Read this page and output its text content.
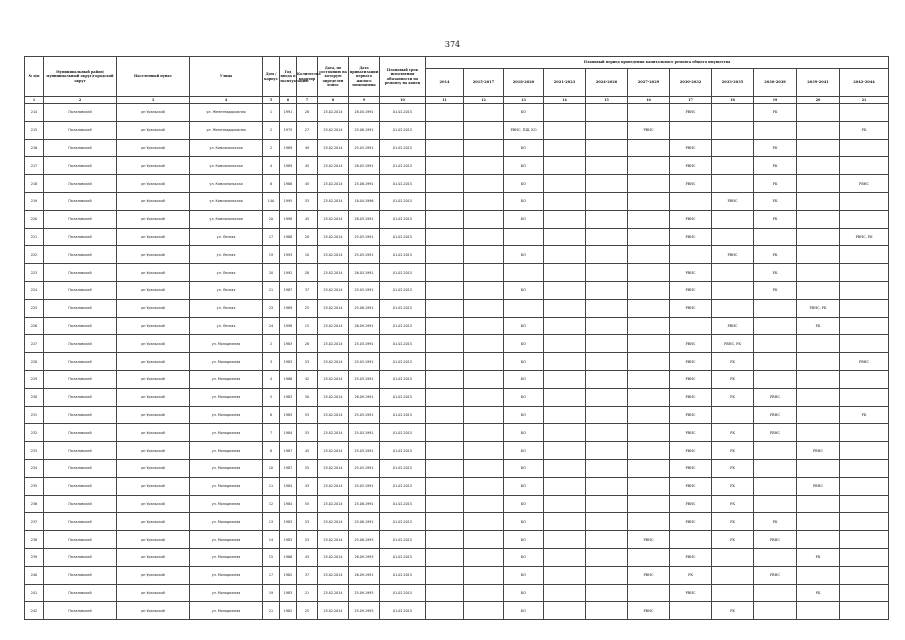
374
№ п/п	Муниципальный район/ муниципальный округ/городской округ	Населенный пункт	Улица	Дом / корпус	Год ввода в эксплуатацию	Количество квартир	Дата, по состоянию на которую определен износ	Дата приватизации первого жилого помещения	Плановый срок исполнения обязанности по ремонту на конец	Плановый период проведения капитального ремонта общего имущества										
										2014	2015-2017	2018-2020	2021-2023	2024-2026	2027-2029	2030-2032	2033-2035	2036-2038	2039-2041	2042-2044
1	2	3	4	5	6	7	8	9	10	11	12	13	14	15	16	17	18	19	20	21
214	Пыталовский	рп Уральский	ул. Железнодорожная	1	1991	28	25.02.2014	28.05.1991	01.02.2015			КО				РВНС		РК		
215	Пыталовский	рп Уральский	ул. Железнодорожная	2	1975	27	25.02.2014	25.08.1991	01.02.2015			РВНС, ПШ, КО			РВНС					РК
216	Пыталовский	рп Уральский	ул. Комсомольская	2	1989	49	25.02.2014	25.03.1991	01.02.2015			КО				РВНС		РК		
217	Пыталовский	рп Уральский	ул. Комсомольская	4	1989	45	25.02.2014	28.03.1991	01.02.2015			КО				РВНС		РК		
218	Пыталовский	рп Уральский	ул. Комсомольская	6	1988	45	25.02.2014	25.08.1991	01.02.2015			КО				РВНС		РК		РВНС
219	Пыталовский	рп Уральский	ул. Комсомольская	14А	1995	53	25.02.2014	18.04.1996	01.02.2015			КО					РВНС	РК		
220	Пыталовский	рп Уральский	ул. Комсомольская	2А	1990	45	25.02.2014	28.03.1991	01.02.2015			КО				РВНС		РК		
221	Пыталовский	рп Уральский	ул. Лесная	17	1988	20	25.02.2014	25.03.1991	01.02.2015							РВНС				РВНС, РК
222	Пыталовский	рп Уральский	ул. Лесная	19	1993	10	25.02.2014	25.03.1991	01.02.2015			КО					РВНС	РК		
223	Пыталовский	рп Уральский	ул. Лесная	20	1992	28	25.02.2014	26.03.1991	01.02.2015							РВНС		РК		
224	Пыталовский	рп Уральский	ул. Лесная	21	1987	37	25.02.2014	25.03.1991	01.02.2015			КО				РВНС		РК		
225	Пыталовский	рп Уральский	ул. Лесная	23	1989	25	25.02.2014	25.08.1991	01.02.2015							РВНС			РВНС, РК	
226	Пыталовский	рп Уральский	ул. Лесная	24	1998	15	25.02.2014	26.09.1991	01.02.2015			КО					РВНС		РК	
227	Пыталовский	рп Уральский	ул. Молодежная	2	1983	28	25.02.2014	25.03.1991	01.02.2015			КО				РВНС	РВНС, РК			
228	Пыталовский	рп Уральский	ул. Молодежная	3	1983	53	25.02.2014	25.03.1991	01.02.2015			КО				РВНС	РК			РВНС
229	Пыталовский	рп Уральский	ул. Молодежная	4	1986	42	25.02.2014	25.03.1991	01.02.2015			КО				РВНС	РК			
230	Пыталовский	рп Уральский	ул. Молодежная	5	1983	30	25.02.2014	26.09.1991	01.02.2015			КО				РВНС	РК	РВНС		
231	Пыталовский	рп Уральский	ул. Молодежная	6	1985	53	25.02.2014	25.03.1991	01.02.2015			КО				РВНС		РВНС		РК
232	Пыталовский	рп Уральский	ул. Молодежная	7	1984	53	25.02.2014	25.03.1991	01.02.2015			КО				РВНС	РК	РВНС		
233	Пыталовский	рп Уральский	ул. Молодежная	8	1987	45	25.02.2014	25.03.1991	01.02.2015			КО				РВНС	РК		РВНС	
234	Пыталовский	рп Уральский	ул. Молодежная	10	1987	55	25.02.2014	25.03.1991	01.02.2015			КО				РВНС	РК			
235	Пыталовский	рп Уральский	ул. Молодежная	11	1984	43	25.02.2014	25.03.1991	01.02.2015			КО				РВНС	РК		РВНС	
236	Пыталовский	рп Уральский	ул. Молодежная	12	1984	55	25.02.2014	25.08.1991	01.02.2015			КО				РВНС	РК			
237	Пыталовский	рп Уральский	ул. Молодежная	13	1983	53	25.02.2014	25.08.1991	01.02.2015			КО				РВНС	РК	РК		
238	Пыталовский	рп Уральский	ул. Молодежная	14	1983	53	25.02.2014	25.08.1993	01.02.2015			КО			РВНС		РК	РВНС		
239	Пыталовский	рп Уральский	ул. Молодежная	15	1986	43	25.02.2014	26.09.1993	01.02.2015			КО				РВНС			РК	
240	Пыталовский	рп Уральский	ул. Молодежная	17	1982	37	25.02.2014	26.09.1991	01.02.2015			КО			РВНС	РК		РВНС		
241	Пыталовский	рп Уральский	ул. Молодежная	19	1983	21	25.02.2014	25.09.1993	01.02.2015			КО				РВНС			РК	
242	Пыталовский	рп Уральский	ул. Молодежная	21	1982	25	25.02.2014	25.09.1993	01.02.2015			КО			РВНС		РК			
